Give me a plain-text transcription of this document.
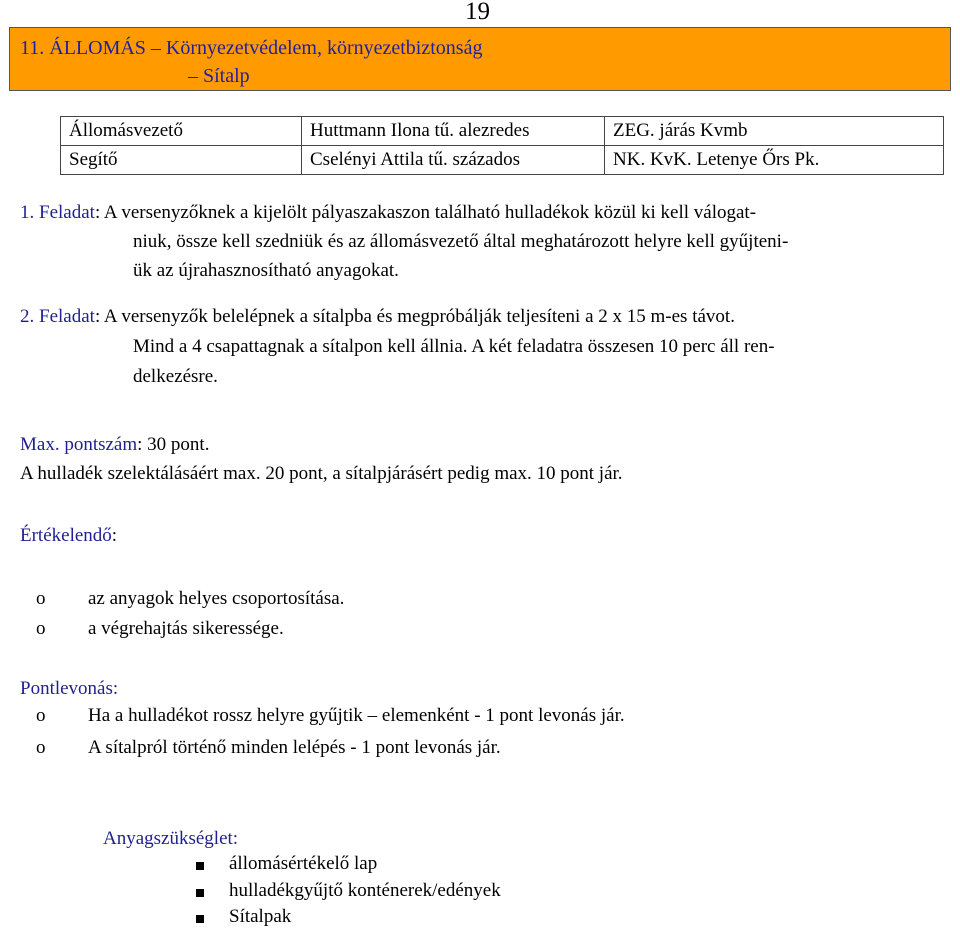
19
11. ÁLLOMÁS – Környezetvédelem, környezetbiztonság
– Sítalp
Állomásvezető	Huttmann Ilona tű. alezredes	ZEG. járás Kvmb
Segítő	Cselényi Attila tű. százados	NK. KvK. Letenye Őrs Pk.
1. Feladat: A versenyzőknek a kijelölt pályaszakaszon található hulladékok közül ki kell válogat-
niuk, össze kell szedniük és az állomásvezető által meghatározott helyre kell gyűjteni-
ük az újrahasznosítható anyagokat.
2. Feladat: A versenyzők belelépnek a sítalpba és megpróbálják teljesíteni a 2 x 15 m-es távot.
Mind a 4 csapattagnak a sítalpon kell állnia. A két feladatra összesen 10 perc áll ren-
delkezésre.
Max. pontszám: 30 pont.
A hulladék szelektálásáért max. 20 pont, a sítalpjárásért pedig max. 10 pont jár.
Értékelendő:
o az anyagok helyes csoportosítása.
o a végrehajtás sikeressége.
Pontlevonás:
o Ha a hulladékot rossz helyre gyűjtik – elemenként - 1 pont levonás jár.
o A sítalpról történő minden lelépés - 1 pont levonás jár.
Anyagszükséglet:
állomásértékelő lap
hulladékgyűjtő konténerek/edények
Sítalpak
